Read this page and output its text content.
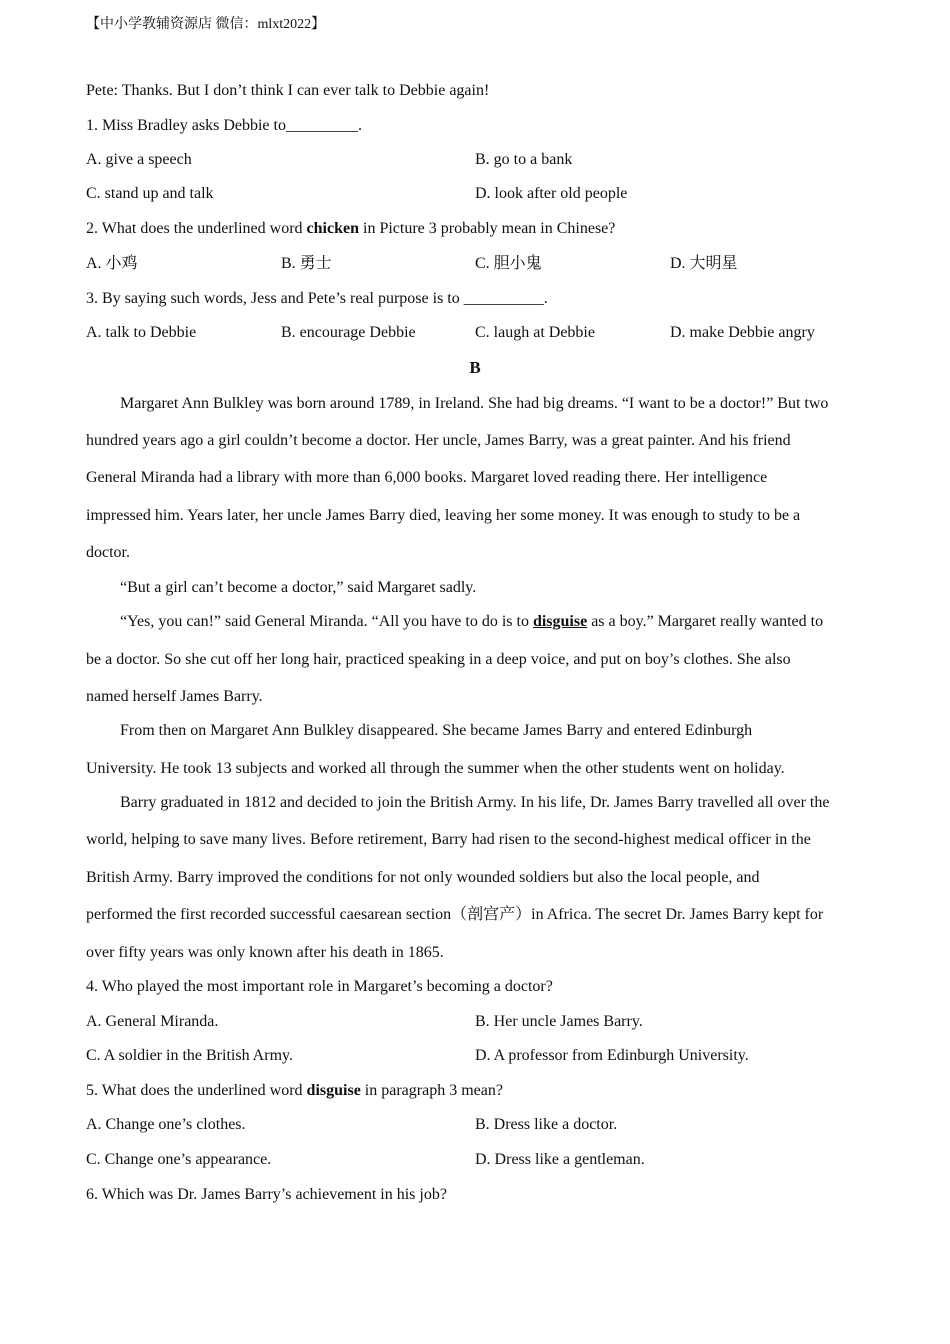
【中小学教辅资源店 微信：mlxt2022】
Pete: Thanks. But I don’t think I can ever talk to Debbie again!
1. Miss Bradley asks Debbie to_________.
A. give a speech	B. go to a bank
C. stand up and talk	D. look after old people
2. What does the underlined word chicken in Picture 3 probably mean in Chinese?
A. 小鸡	B. 勇士	C. 胆小鬼	D. 大明星
3. By saying such words, Jess and Pete’s real purpose is to __________.
A. talk to Debbie	B. encourage Debbie	C. laugh at Debbie	D. make Debbie angry
B
Margaret Ann Bulkley was born around 1789, in Ireland. She had big dreams. “I want to be a doctor!” But two
hundred years ago a girl couldn’t become a doctor. Her uncle, James Barry, was a great painter. And his friend
General Miranda had a library with more than 6,000 books. Margaret loved reading there. Her intelligence
impressed him. Years later, her uncle James Barry died, leaving her some money. It was enough to study to be a
doctor.
“But a girl can’t become a doctor,” said Margaret sadly.
“Yes, you can!” said General Miranda. “All you have to do is to disguise as a boy.” Margaret really wanted to
be a doctor. So she cut off her long hair, practiced speaking in a deep voice, and put on boy’s clothes. She also
named herself James Barry.
From then on Margaret Ann Bulkley disappeared. She became James Barry and entered Edinburgh
University. He took 13 subjects and worked all through the summer when the other students went on holiday.
Barry graduated in 1812 and decided to join the British Army. In his life, Dr. James Barry travelled all over the
world, helping to save many lives. Before retirement, Barry had risen to the second-highest medical officer in the
British Army. Barry improved the conditions for not only wounded soldiers but also the local people, and
performed the first recorded successful caesarean section（剖宫产）in Africa. The secret Dr. James Barry kept for
over fifty years was only known after his death in 1865.
4. Who played the most important role in Margaret’s becoming a doctor?
A. General Miranda.	B. Her uncle James Barry.
C. A soldier in the British Army.	D. A professor from Edinburgh University.
5. What does the underlined word disguise in paragraph 3 mean?
A. Change one’s clothes.	B. Dress like a doctor.
C. Change one’s appearance.	D. Dress like a gentleman.
6. Which was Dr. James Barry’s achievement in his job?
